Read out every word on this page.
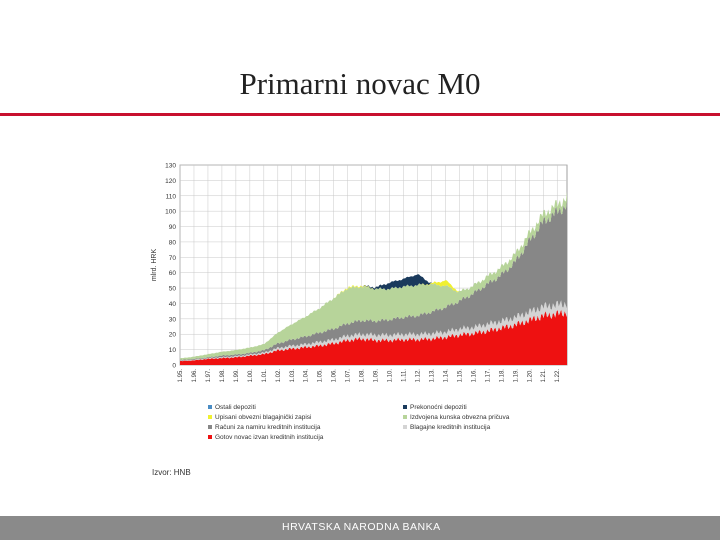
Primarni novac M0
0
10
20
30
40
50
60
70
80
90
100
110
120
130
1.95. 1.96. 1.97. 1.98. 1.99. 1.00. 1.01. 1.02. 1.03. 1.04. 1.05. 1.06. 1.07. 1.08. 1.09. 1.10. 1.11. 1.12. 1.13. 1.14. 1.15. 1.16. 1.17. 1.18. 1.19. 1.20. 1.21. 1.22.
mlrd. HRK
Ostali depoziti	Prekonoćni depoziti
Upisani obvezni blagajnički zapisi	Izdvojena kunska obvezna pričuva
Računi za namiru kreditnih institucija	Blagajne kreditnih institucija
Gotov novac izvan kreditnih institucija
Izvor: HNB
HRVATSKA NARODNA BANKA
